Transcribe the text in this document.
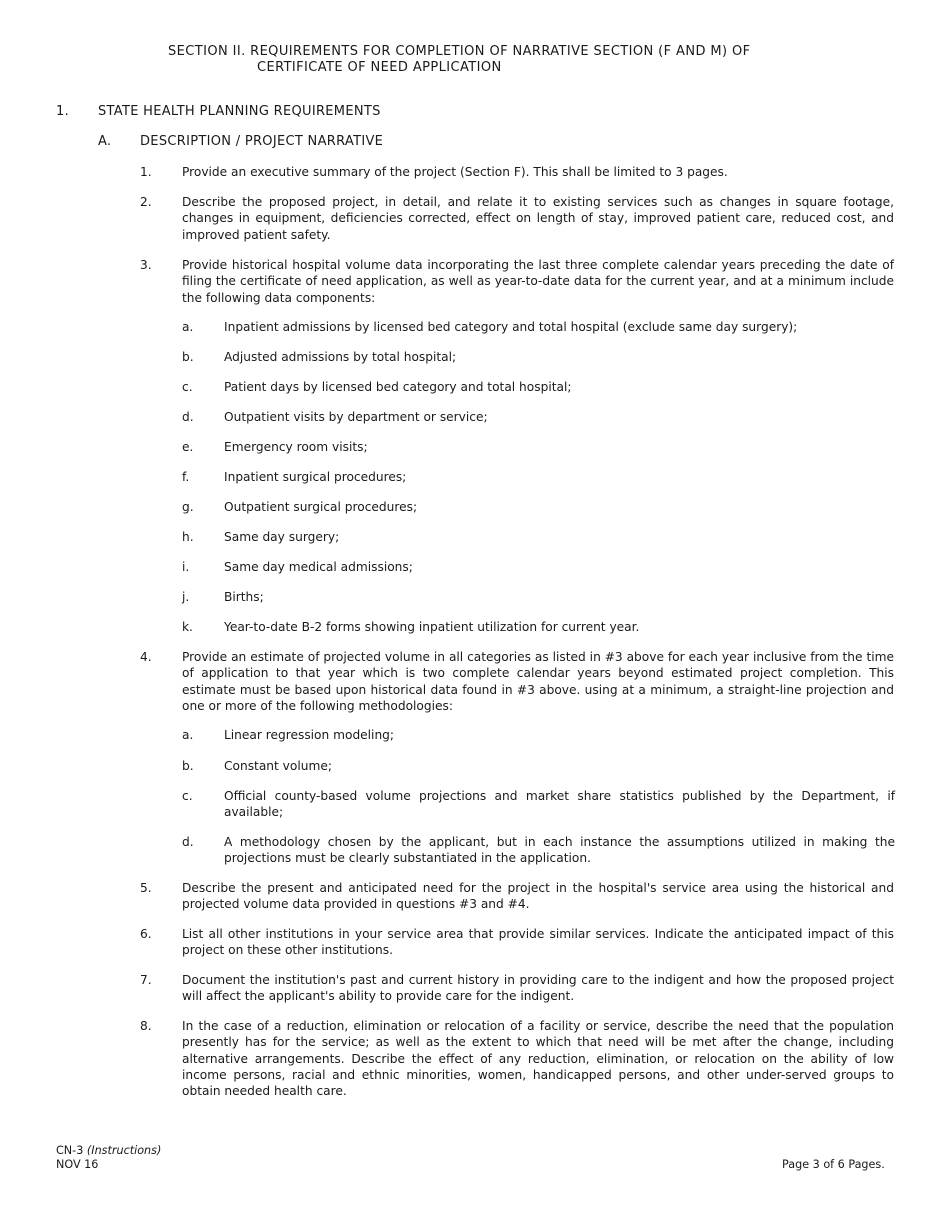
SECTION II. REQUIREMENTS FOR COMPLETION OF NARRATIVE SECTION (F AND M) OF
CERTIFICATE OF NEED APPLICATION
1. STATE HEALTH PLANNING REQUIREMENTS
A. DESCRIPTION / PROJECT NARRATIVE
1. Provide an executive summary of the project (Section F). This shall be limited to 3 pages.
2. Describe the proposed project, in detail, and relate it to existing services such as changes in square footage, changes in equipment, deficiencies corrected, effect on length of stay, improved patient care, reduced cost, and improved patient safety.
3. Provide historical hospital volume data incorporating the last three complete calendar years preceding the date of filing the certificate of need application, as well as year-to-date data for the current year, and at a minimum include the following data components:
a.	Inpatient admissions by licensed bed category and total hospital (exclude same day surgery);
b. Adjusted admissions by total hospital;
c.	Patient days by licensed bed category and total hospital;
d. Outpatient visits by department or service;
e.	Emergency room visits;
f.	Inpatient surgical procedures;
g. Outpatient surgical procedures;
h. Same day surgery;
i.	Same day medical admissions;
j.	Births;
k.	Year-to-date B-2 forms showing inpatient utilization for current year.
4. Provide an estimate of projected volume in all categories as listed in #3 above for each year inclusive from the time of application to that year which is two complete calendar years beyond estimated project completion. This estimate must be based upon historical data found in #3 above. using at a minimum, a straight-line projection and one or more of the following methodologies:
a.	Linear regression modeling;
b. Constant volume;
c.	Official county-based volume projections and market share statistics published by the Department, if available;
d. A methodology chosen by the applicant, but in each instance the assumptions utilized in making the projections must be clearly substantiated in the application.
5. Describe the present and anticipated need for the project in the hospital's service area using the historical and projected volume data provided in questions #3 and #4.
6. List all other institutions in your service area that provide similar services. Indicate the anticipated impact of this project on these other institutions.
7. Document the institution's past and current history in providing care to the indigent and how the proposed project will affect the applicant's ability to provide care for the indigent.
8. In the case of a reduction, elimination or relocation of a facility or service, describe the need that the population presently has for the service; as well as the extent to which that need will be met after the change, including alternative arrangements. Describe the effect of any reduction, elimination, or relocation on the ability of low income persons, racial and ethnic minorities, women, handicapped persons, and other under-served groups to obtain needed health care.
CN-3 (Instructions)
NOV 16	Page 3 of 6 Pages.
